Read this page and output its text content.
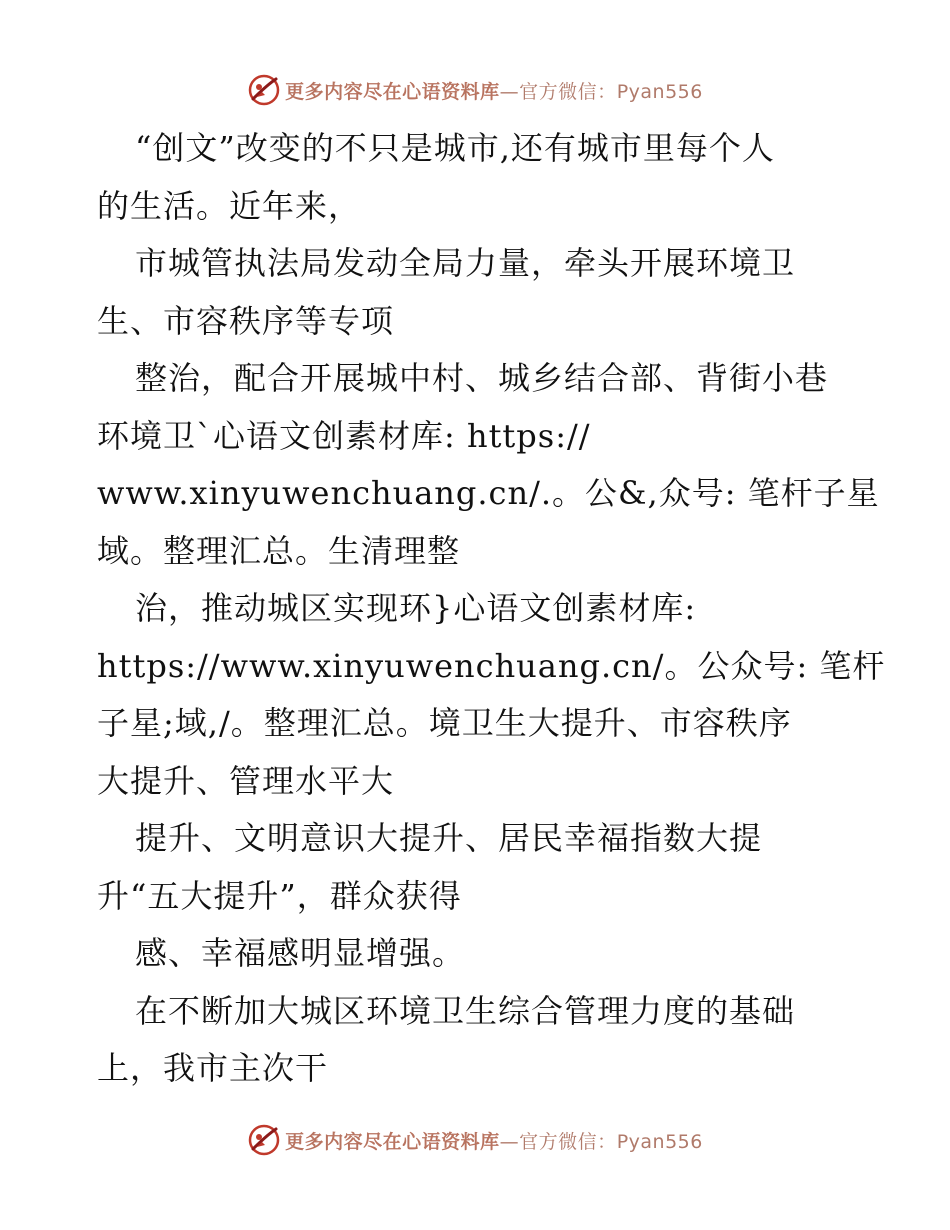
更多内容尽在心语资料库—官方微信：Pyan556
“创文”改变的不只是城市,还有城市里每个人
的生活。近年来，
市城管执法局发动全局力量，牵头开展环境卫
生、市容秩序等专项
整治，配合开展城中村、城乡结合部、背街小巷
环境卫`心语文创素材库: https://
www.xinyuwenchuang.cn/.。公&,众号: 笔杆子星
域。整理汇总。生清理整
治，推动城区实现环}心语文创素材库:
https://www.xinyuwenchuang.cn/。公众号: 笔杆
子星;域,/。整理汇总。境卫生大提升、市容秩序
大提升、管理水平大
提升、文明意识大提升、居民幸福指数大提
升“五大提升”，群众获得
感、幸福感明显增强。
在不断加大城区环境卫生综合管理力度的基础
上，我市主次干
更多内容尽在心语资料库—官方微信：Pyan556
